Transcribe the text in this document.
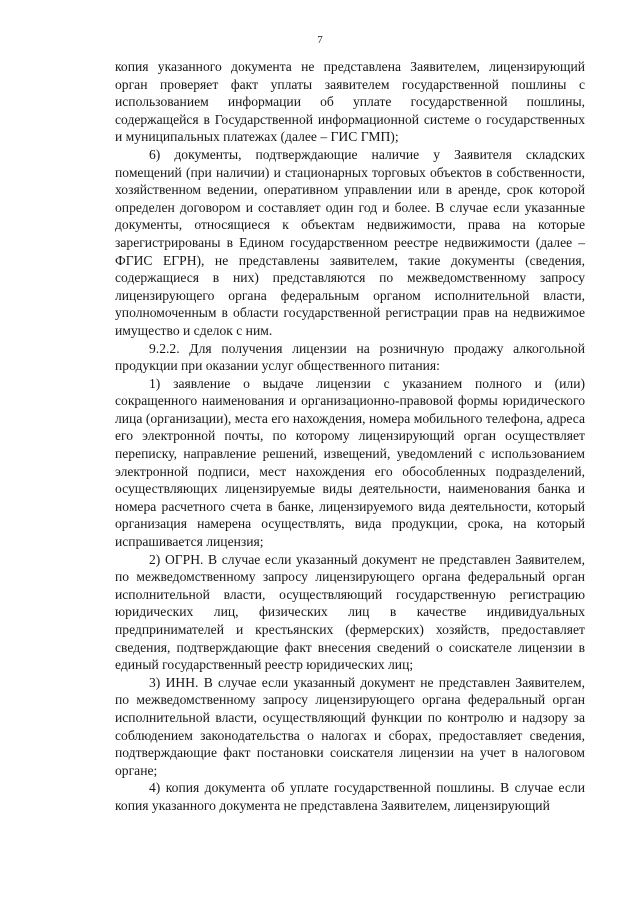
7

копия указанного документа не представлена Заявителем, лицензирующий орган проверяет факт уплаты заявителем государственной пошлины с использованием информации об уплате государственной пошлины, содержащейся в Государственной информационной системе о государственных и муниципальных платежах (далее – ГИС ГМП);

6) документы, подтверждающие наличие у Заявителя складских помещений (при наличии) и стационарных торговых объектов в собственности, хозяйственном ведении, оперативном управлении или в аренде, срок которой определен договором и составляет один год и более. В случае если указанные документы, относящиеся к объектам недвижимости, права на которые зарегистрированы в Едином государственном реестре недвижимости (далее – ФГИС ЕГРН), не представлены заявителем, такие документы (сведения, содержащиеся в них) представляются по межведомственному запросу лицензирующего органа федеральным органом исполнительной власти, уполномоченным в области государственной регистрации прав на недвижимое имущество и сделок с ним.

9.2.2. Для получения лицензии на розничную продажу алкогольной продукции при оказании услуг общественного питания:

1) заявление о выдаче лицензии с указанием полного и (или) сокращенного наименования и организационно-правовой формы юридического лица (организации), места его нахождения, номера мобильного телефона, адреса его электронной почты, по которому лицензирующий орган осуществляет переписку, направление решений, извещений, уведомлений с использованием электронной подписи, мест нахождения его обособленных подразделений, осуществляющих лицензируемые виды деятельности, наименования банка и номера расчетного счета в банке, лицензируемого вида деятельности, который организация намерена осуществлять, вида продукции, срока, на который испрашивается лицензия;

2) ОГРН. В случае если указанный документ не представлен Заявителем, по межведомственному запросу лицензирующего органа федеральный орган исполнительной власти, осуществляющий государственную регистрацию юридических лиц, физических лиц в качестве индивидуальных предпринимателей и крестьянских (фермерских) хозяйств, предоставляет сведения, подтверждающие факт внесения сведений о соискателе лицензии в единый государственный реестр юридических лиц;

3) ИНН. В случае если указанный документ не представлен Заявителем, по межведомственному запросу лицензирующего органа федеральный орган исполнительной власти, осуществляющий функции по контролю и надзору за соблюдением законодательства о налогах и сборах, предоставляет сведения, подтверждающие факт постановки соискателя лицензии на учет в налоговом органе;

4) копия документа об уплате государственной пошлины. В случае если копия указанного документа не представлена Заявителем, лицензирующий
